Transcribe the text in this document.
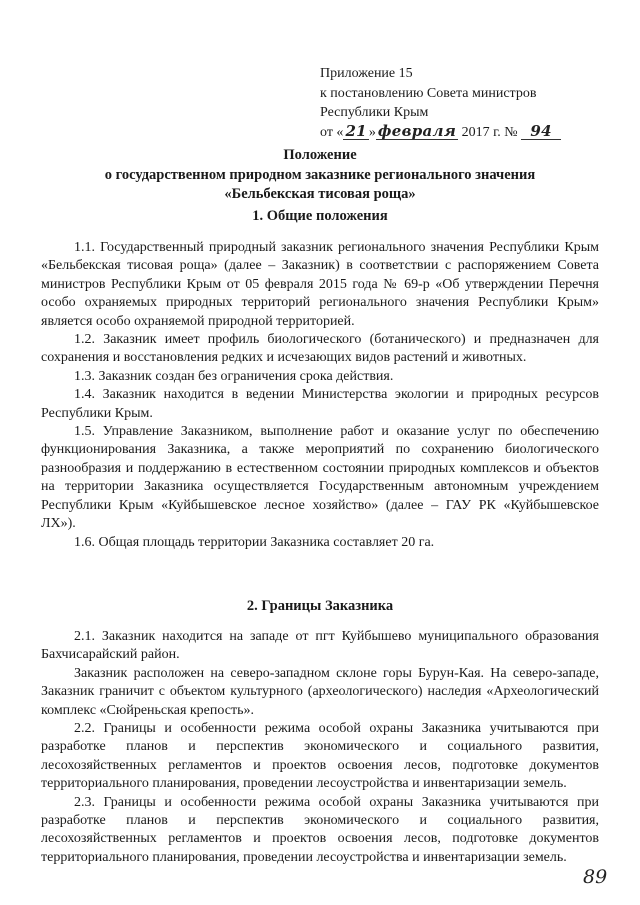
Приложение 15
к постановлению Совета министров
Республики Крым
от « 21 » февраля 2017 г. № 94
Положение
о государственном природном заказнике регионального значения
«Бельбекская тисовая роща»
1. Общие положения

1.1. Государственный природный заказник регионального значения Республики Крым «Бельбекская тисовая роща» (далее – Заказник) в соответствии с распоряжением Совета министров Республики Крым от 05 февраля 2015 года № 69-р «Об утверждении Перечня особо охраняемых природных территорий регионального значения Республики Крым» является особо охраняемой природной территорией.

1.2. Заказник имеет профиль биологического (ботанического) и предназначен для сохранения и восстановления редких и исчезающих видов растений и животных.

1.3. Заказник создан без ограничения срока действия.

1.4. Заказник находится в ведении Министерства экологии и природных ресурсов Республики Крым.

1.5. Управление Заказником, выполнение работ и оказание услуг по обеспечению функционирования Заказника, а также мероприятий по сохранению биологического разнообразия и поддержанию в естественном состоянии природных комплексов и объектов на территории Заказника осуществляется Государственным автономным учреждением Республики Крым «Куйбышевское лесное хозяйство» (далее – ГАУ РК «Куйбышевское ЛХ»).

1.6. Общая площадь территории Заказника составляет 20 га.

2. Границы Заказника

2.1. Заказник находится на западе от пгт Куйбышево муниципального образования Бахчисарайский район.

Заказник расположен на северо-западном склоне горы Бурун-Кая. На северо-западе, Заказник граничит с объектом культурного (археологического) наследия «Археологический комплекс «Сюйреньская крепость».

2.2. Границы и особенности режима особой охраны Заказника учитываются при разработке планов и перспектив экономического и социального развития, лесохозяйственных регламентов и проектов освоения лесов, подготовке документов территориального планирования, проведении лесоустройства и инвентаризации земель.

2.3. Границы и особенности режима особой охраны Заказника учитываются при разработке планов и перспектив экономического и социального развития, лесохозяйственных регламентов и проектов освоения лесов, подготовке документов территориального планирования, проведении лесоустройства и инвентаризации земель.

89
